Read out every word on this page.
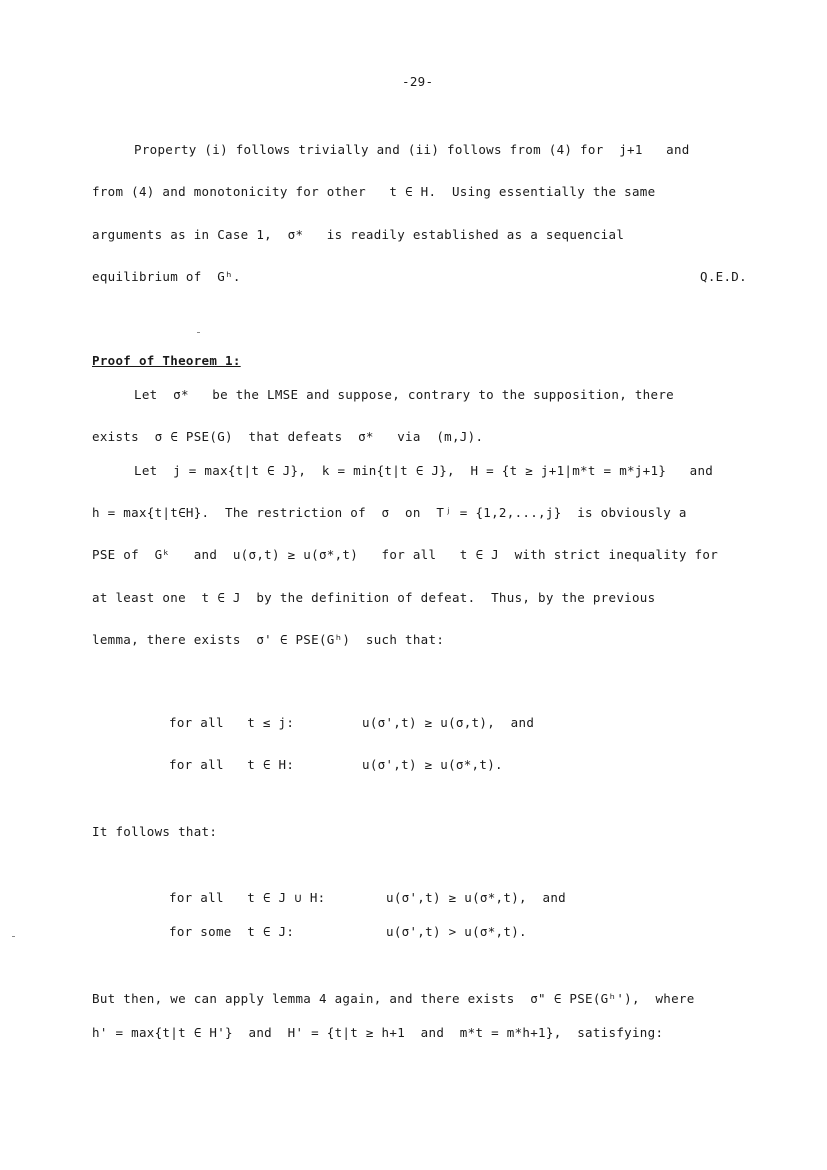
-29-
Property (i) follows trivially and (ii) follows from (4) for  j+1   and
from (4) and monotonicity for other   t ∈ H.  Using essentially the same
arguments as in Case 1,  σ*   is readily established as a sequencial
equilibrium of  Gʰ.	Q.E.D.
Proof of Theorem 1:
Let  σ*   be the LMSE and suppose, contrary to the supposition, there
exists  σ ∈ PSE(G)  that defeats  σ*   via  (m,J).
Let  j = max{t|t ∈ J},  k = min{t|t ∈ J},  H = {t ≥ j+1|m*t = m*j+1}   and
h = max{t|t∈H}.  The restriction of  σ  on  Tʲ = {1,2,...,j}  is obviously a
PSE of  Gᵏ   and  u(σ,t) ≥ u(σ*,t)   for all   t ∈ J  with strict inequality for
at least one  t ∈ J  by the definition of defeat.  Thus, by the previous
lemma, there exists  σ' ∈ PSE(Gʰ)  such that:
for all   t ≤ j:	u(σ',t) ≥ u(σ,t),  and
for all   t ∈ H:	u(σ',t) ≥ u(σ*,t).
It follows that:
for all   t ∈ J ∪ H:	u(σ',t) ≥ u(σ*,t),  and
for some  t ∈ J:	u(σ',t) > u(σ*,t).
But then, we can apply lemma 4 again, and there exists  σ" ∈ PSE(Gʰ'),  where
h' = max{t|t ∈ H'}  and  H' = {t|t ≥ h+1  and  m*t = m*h+1},  satisfying:
